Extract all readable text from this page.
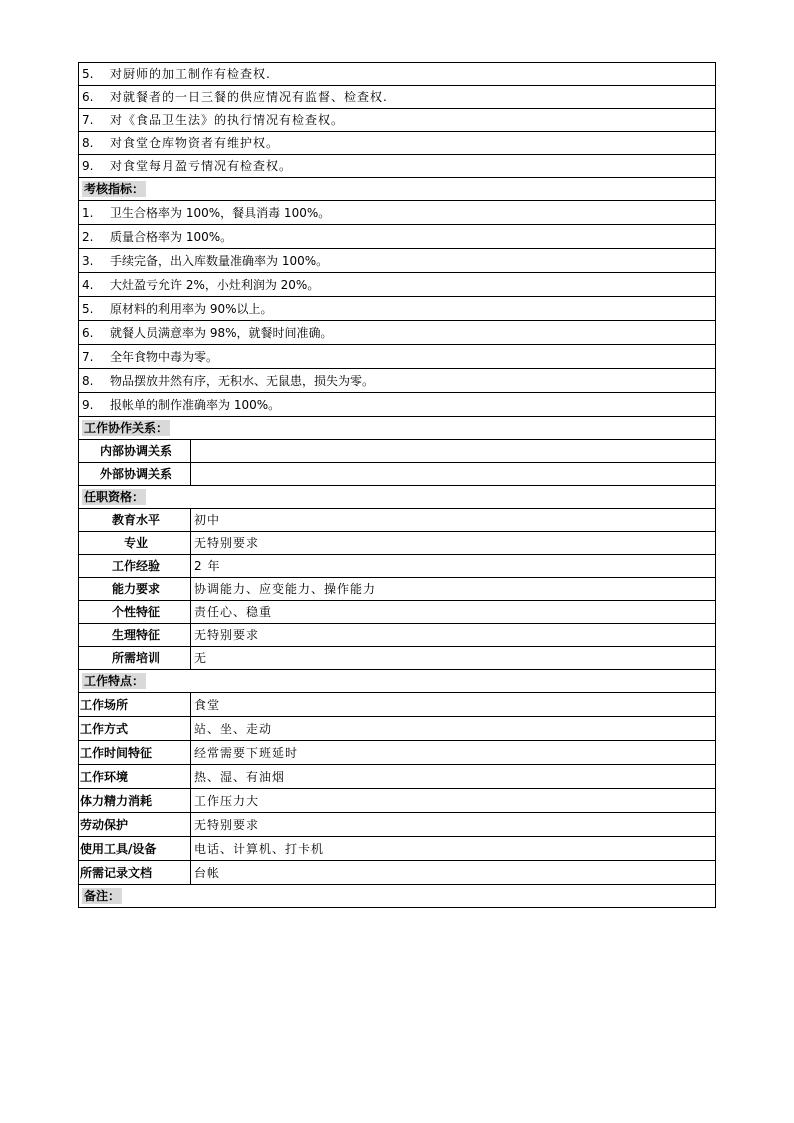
5. 对厨师的加工制作有检查权.	
6. 对就餐者的一日三餐的供应情况有监督、检查权.	
7. 对《食品卫生法》的执行情况有检查权。	
8. 对食堂仓库物资者有维护权。	
9. 对食堂每月盈亏情况有检查权。	
考核指标：	
1. 卫生合格率为 100%，餐具消毒 100%。	
2. 质量合格率为 100%。	
3. 手续完备，出入库数量准确率为 100%。	
4. 大灶盈亏允许 2%，小灶利润为 20%。	
5. 原材料的利用率为 90%以上。	
6. 就餐人员满意率为 98%，就餐时间准确。	
7. 全年食物中毒为零。	
8. 物品摆放井然有序，无积水、无鼠患，损失为零。	
9. 报帐单的制作准确率为 100%。	
工作协作关系：	
内部协调关系	
外部协调关系	
任职资格：	
教育水平	初中
专业	无特别要求
工作经验	2 年
能力要求	协调能力、应变能力、操作能力
个性特征	责任心、稳重
生理特征	无特别要求
所需培训	无
工作特点：	
工作场所	食堂
工作方式	站、坐、走动
工作时间特征	经常需要下班延时
工作环境	热、湿、有油烟
体力精力消耗	工作压力大
劳动保护	无特别要求
使用工具/设备	电话、计算机、打卡机
所需记录文档	台帐
备注：	
